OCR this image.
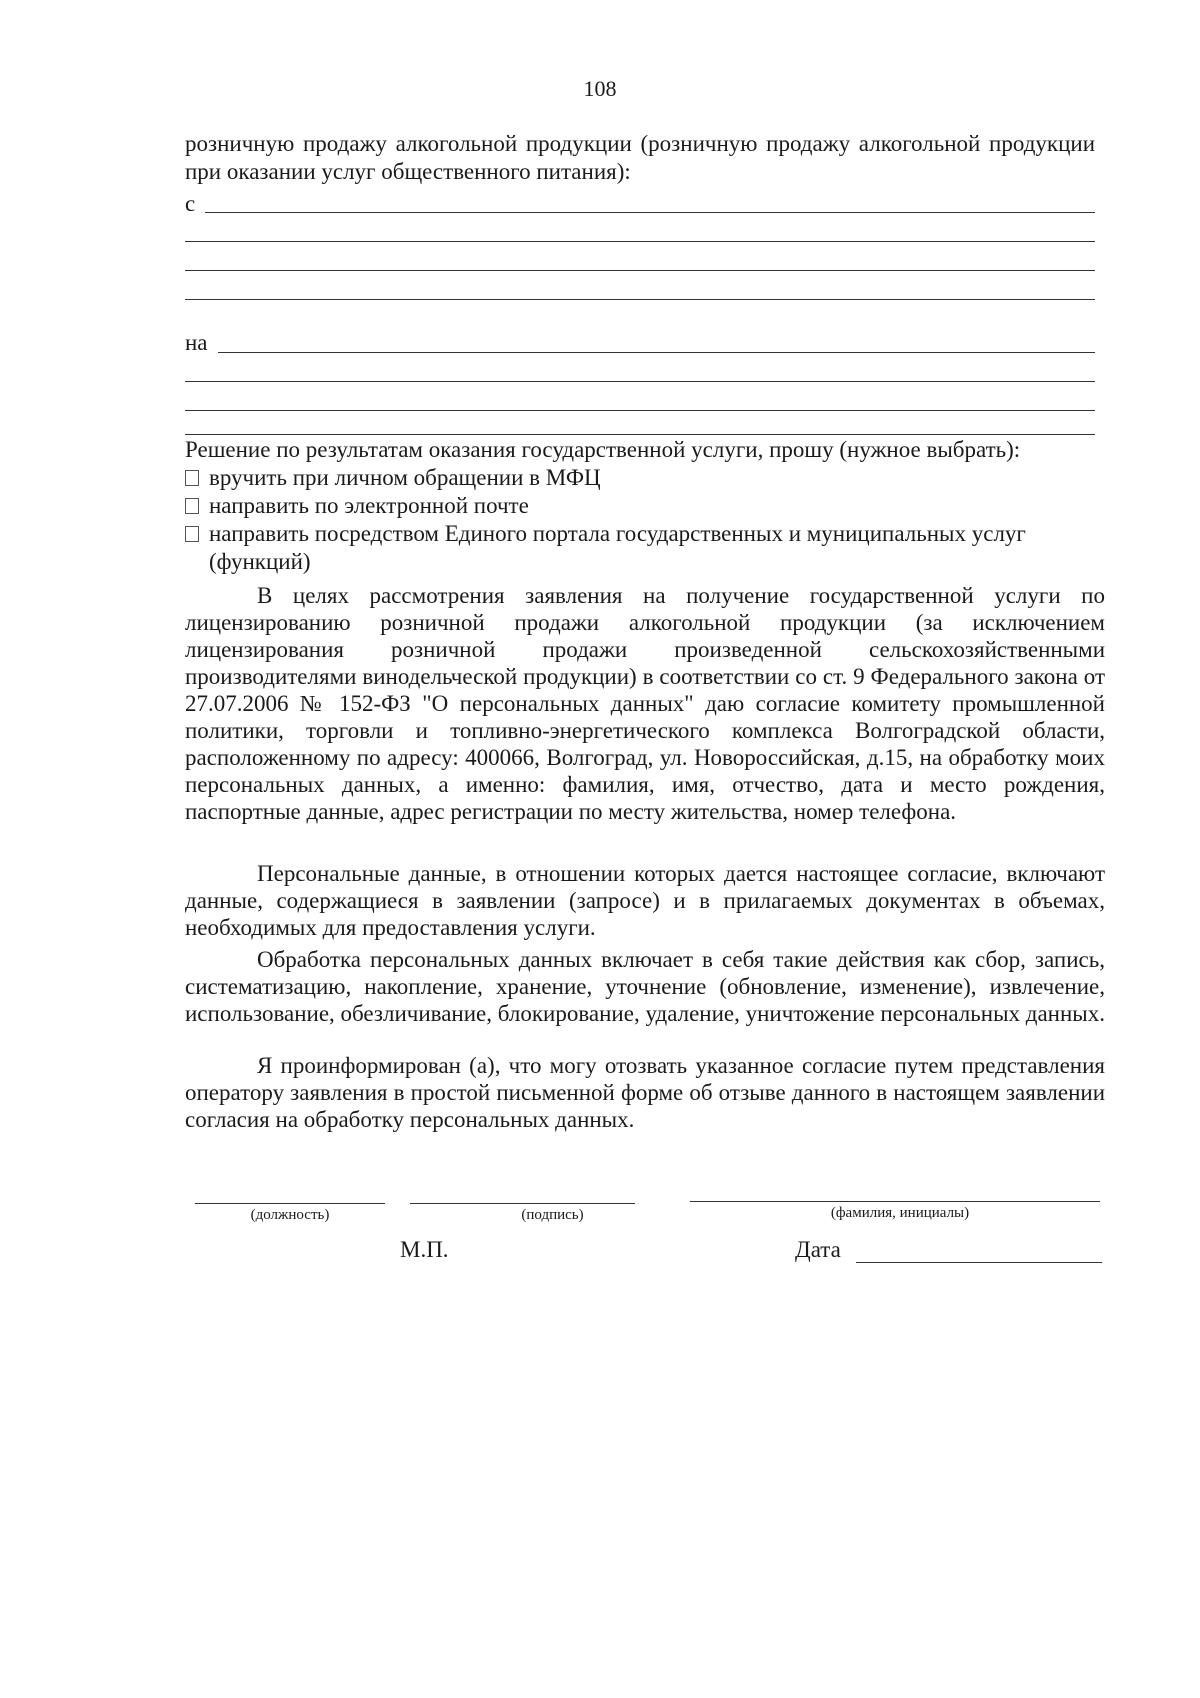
108
розничную продажу алкогольной продукции (розничную продажу алкогольной продукции при оказании услуг общественного питания):
с
на
Решение по результатам оказания государственной услуги, прошу (нужное выбрать):
вручить при личном обращении в МФЦ
направить по электронной почте
направить посредством Единого портала государственных и муниципальных услуг (функций)
В целях рассмотрения заявления на получение государственной услуги по лицензированию розничной продажи алкогольной продукции (за исключением лицензирования розничной продажи произведенной сельскохозяйственными производителями винодельческой продукции) в соответствии со ст. 9 Федерального закона от 27.07.2006 № 152-ФЗ "О персональных данных" даю согласие комитету промышленной политики, торговли и топливно-энергетического комплекса Волгоградской области, расположенному по адресу: 400066, Волгоград, ул. Новороссийская, д.15, на обработку моих персональных данных, а именно: фамилия, имя, отчество, дата и место рождения, паспортные данные, адрес регистрации по месту жительства, номер телефона.
Персональные данные, в отношении которых дается настоящее согласие, включают данные, содержащиеся в заявлении (запросе) и в прилагаемых документах в объемах, необходимых для предоставления услуги.
Обработка персональных данных включает в себя такие действия как сбор, запись, систематизацию, накопление, хранение, уточнение (обновление, изменение), извлечение, использование, обезличивание, блокирование, удаление, уничтожение персональных данных.
Я проинформирован (а), что могу отозвать указанное согласие путем представления оператору заявления в простой письменной форме об отзыве данного в настоящем заявлении согласия на обработку персональных данных.
(должность)	(подпись)	(фамилия, инициалы)
М.П.	Дата
